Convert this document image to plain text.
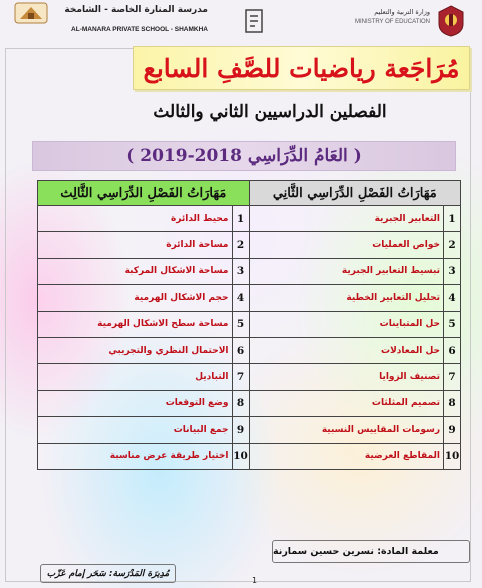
مدرسة المنارة الخاصة - الشامخة
AL-MANARA PRIVATE SCHOOL - SHAMKHA
وزارة التربية والتعليم
MINISTRY OF EDUCATION
مُرَاجَعة رياضيات للصَّفِ السابع
الفصلين الدراسيين الثاني والثالث
( العَامُ الدِّرَاسِي 2018-2019 )
مَهَارَاتُ الفَصْلِ الدِّرَاسِي الثَّانِي		مَهَارَاتُ الفَصْلِ الدِّرَاسِي الثَّالِث	
1	التعابير الجبرية	1	محيط الدائرة
2	خواص العمليات	2	مساحة الدائرة
3	تبسيط التعابير الجبرية	3	مساحة الاشكال المركبة
4	تحليل التعابير الخطية	4	حجم الاشكال الهرمية
5	حل المتباينات	5	مساحة سطح الاشكال الهرمية
6	حل المعادلات	6	الاحتمال النظري والتجريبي
7	تصنيف الزوايا	7	التباديل
8	تصميم المثلثات	8	وضع التوقعات
9	رسومات المقاييس النسبية	9	جمع البيانات
10	المقاطع العرضية	10	اختيار طريقة عرض مناسبة
معلمة المادة: نسرين حسين سمارنة
مُدِيرَة المَدْرَسة: سَحَر إمام عَزّب
1
